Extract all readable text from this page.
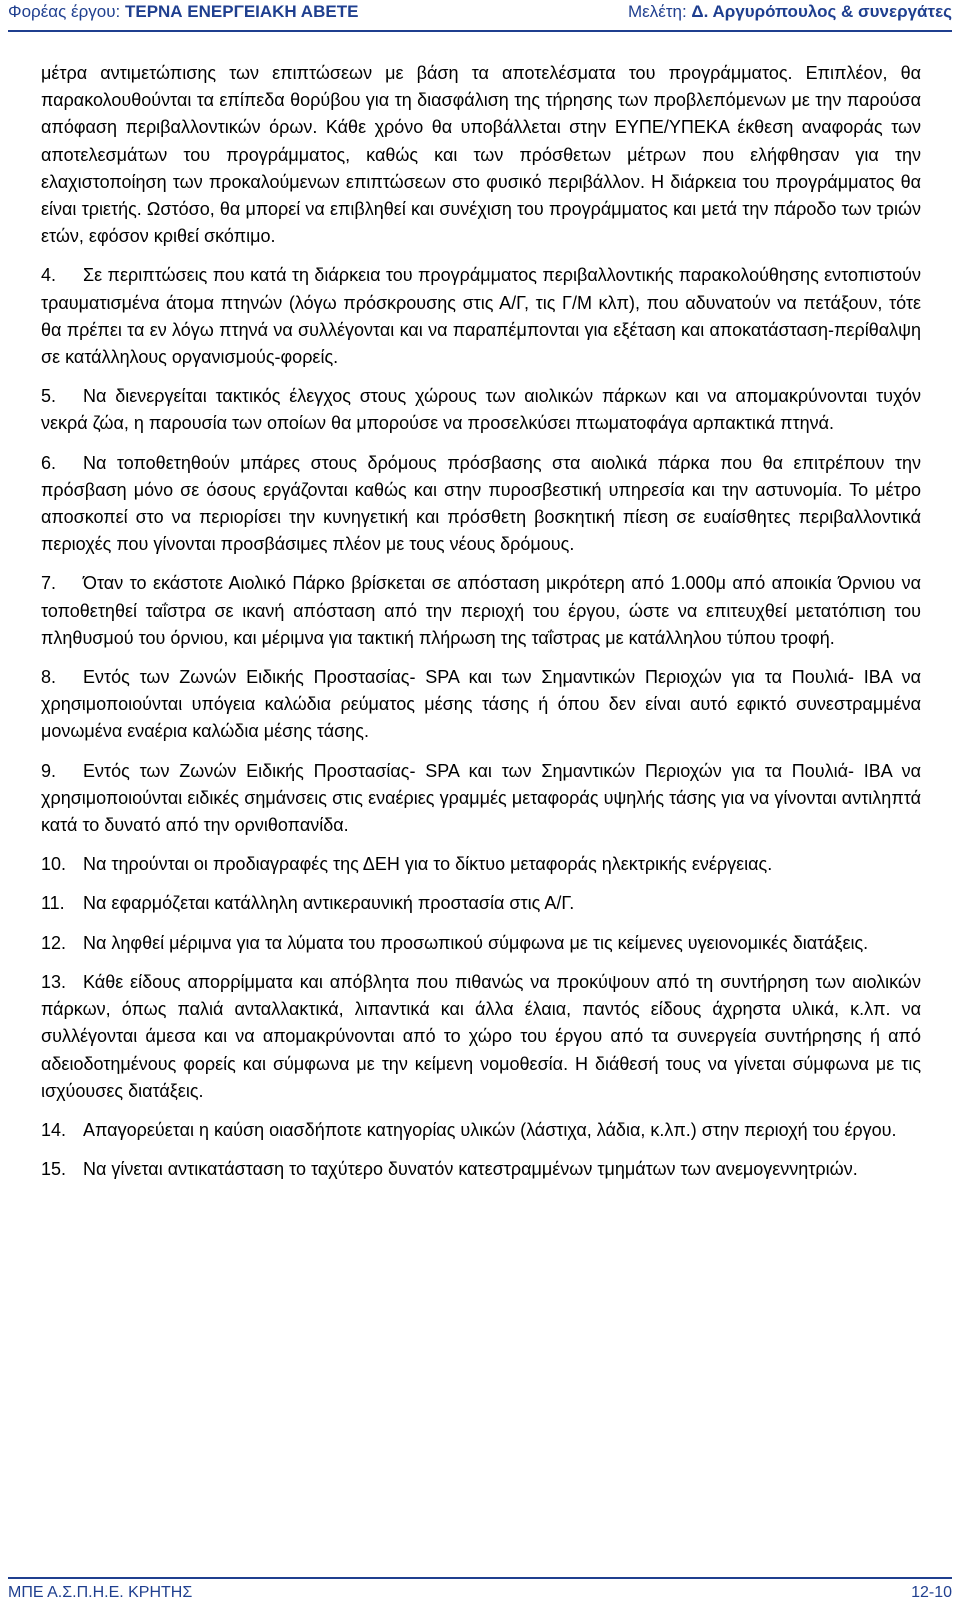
Φορέας έργου: ΤΕΡΝΑ ΕΝΕΡΓΕΙΑΚΗ ΑΒΕΤΕ	Μελέτη: Δ. Αργυρόπουλος & συνεργάτες

μέτρα αντιμετώπισης των επιπτώσεων με βάση τα αποτελέσματα του προγράμματος. Επιπλέον, θα παρακολουθούνται τα επίπεδα θορύβου για τη διασφάλιση της τήρησης των προβλεπόμενων με την παρούσα απόφαση περιβαλλοντικών όρων. Κάθε χρόνο θα υποβάλλεται στην ΕΥΠΕ/ΥΠΕΚΑ έκθεση αναφοράς των αποτελεσμάτων του προγράμματος, καθώς και των πρόσθετων μέτρων που ελήφθησαν για την ελαχιστοποίηση των προκαλούμενων επιπτώσεων στο φυσικό περιβάλλον. Η διάρκεια του προγράμματος θα είναι τριετής. Ωστόσο, θα μπορεί να επιβληθεί και συνέχιση του προγράμματος και μετά την πάροδο των τριών ετών, εφόσον κριθεί σκόπιμο.

4.	Σε περιπτώσεις που κατά τη διάρκεια του προγράμματος περιβαλλοντικής παρακολούθησης εντοπιστούν τραυματισμένα άτομα πτηνών (λόγω πρόσκρουσης στις Α/Γ, τις Γ/Μ κλπ), που αδυνατούν να πετάξουν, τότε θα πρέπει τα εν λόγω πτηνά να συλλέγονται και να παραπέμπονται για εξέταση και αποκατάσταση-περίθαλψη σε κατάλληλους οργανισμούς-φορείς.
5.	Να διενεργείται τακτικός έλεγχος στους χώρους των αιολικών πάρκων και να απομακρύνονται τυχόν νεκρά ζώα, η παρουσία των οποίων θα μπορούσε να προσελκύσει πτωματοφάγα αρπακτικά πτηνά.
6.	Να τοποθετηθούν μπάρες στους δρόμους πρόσβασης στα αιολικά πάρκα που θα επιτρέπουν την πρόσβαση μόνο σε όσους εργάζονται καθώς και στην πυροσβεστική υπηρεσία και την αστυνομία. Το μέτρο αποσκοπεί στο να περιορίσει την κυνηγετική και πρόσθετη βοσκητική πίεση σε ευαίσθητες περιβαλλοντικά περιοχές που γίνονται προσβάσιμες πλέον με τους νέους δρόμους.
7.	Όταν το εκάστοτε Αιολικό Πάρκο βρίσκεται σε απόσταση μικρότερη από 1.000μ από αποικία Όρνιου να τοποθετηθεί ταΐστρα σε ικανή απόσταση από την περιοχή του έργου, ώστε να επιτευχθεί μετατόπιση του πληθυσμού του όρνιου, και μέριμνα για τακτική πλήρωση της ταΐστρας με κατάλληλου τύπου τροφή.
8.	Εντός των Ζωνών Ειδικής Προστασίας- SPA και των Σημαντικών Περιοχών για τα Πουλιά- IBA να χρησιμοποιούνται υπόγεια καλώδια ρεύματος μέσης τάσης ή όπου δεν είναι αυτό εφικτό συνεστραμμένα μονωμένα εναέρια καλώδια μέσης τάσης.
9.	Εντός των Ζωνών Ειδικής Προστασίας- SPA και των Σημαντικών Περιοχών για τα Πουλιά- IBA να χρησιμοποιούνται ειδικές σημάνσεις στις εναέριες γραμμές μεταφοράς υψηλής τάσης για να γίνονται αντιληπτά κατά το δυνατό από την ορνιθοπανίδα.
10. Να τηρούνται οι προδιαγραφές της ΔΕΗ για το δίκτυο μεταφοράς ηλεκτρικής ενέργειας.
11.	Να εφαρμόζεται κατάλληλη αντικεραυνική προστασία στις Α/Γ.
12. Να ληφθεί μέριμνα για τα λύματα του προσωπικού σύμφωνα με τις κείμενες υγειονομικές διατάξεις.
13. Κάθε είδους απορρίμματα και απόβλητα που πιθανώς να προκύψουν από τη συντήρηση των αιολικών πάρκων, όπως παλιά ανταλλακτικά, λιπαντικά και άλλα έλαια, παντός είδους άχρηστα υλικά, κ.λπ. να συλλέγονται άμεσα και να απομακρύνονται από το χώρο του έργου από τα συνεργεία συντήρησης ή από αδειοδοτημένους φορείς και σύμφωνα με την κείμενη νομοθεσία. Η διάθεσή τους να γίνεται σύμφωνα με τις ισχύουσες διατάξεις.
14. Απαγορεύεται η καύση οιασδήποτε κατηγορίας υλικών (λάστιχα, λάδια, κ.λπ.) στην περιοχή του έργου.
15. Να γίνεται αντικατάσταση το ταχύτερο δυνατόν κατεστραμμένων τμημάτων των ανεμογεννητριών.
ΜΠΕ Α.Σ.Π.Η.Ε. ΚΡΗΤΗΣ	12-10
